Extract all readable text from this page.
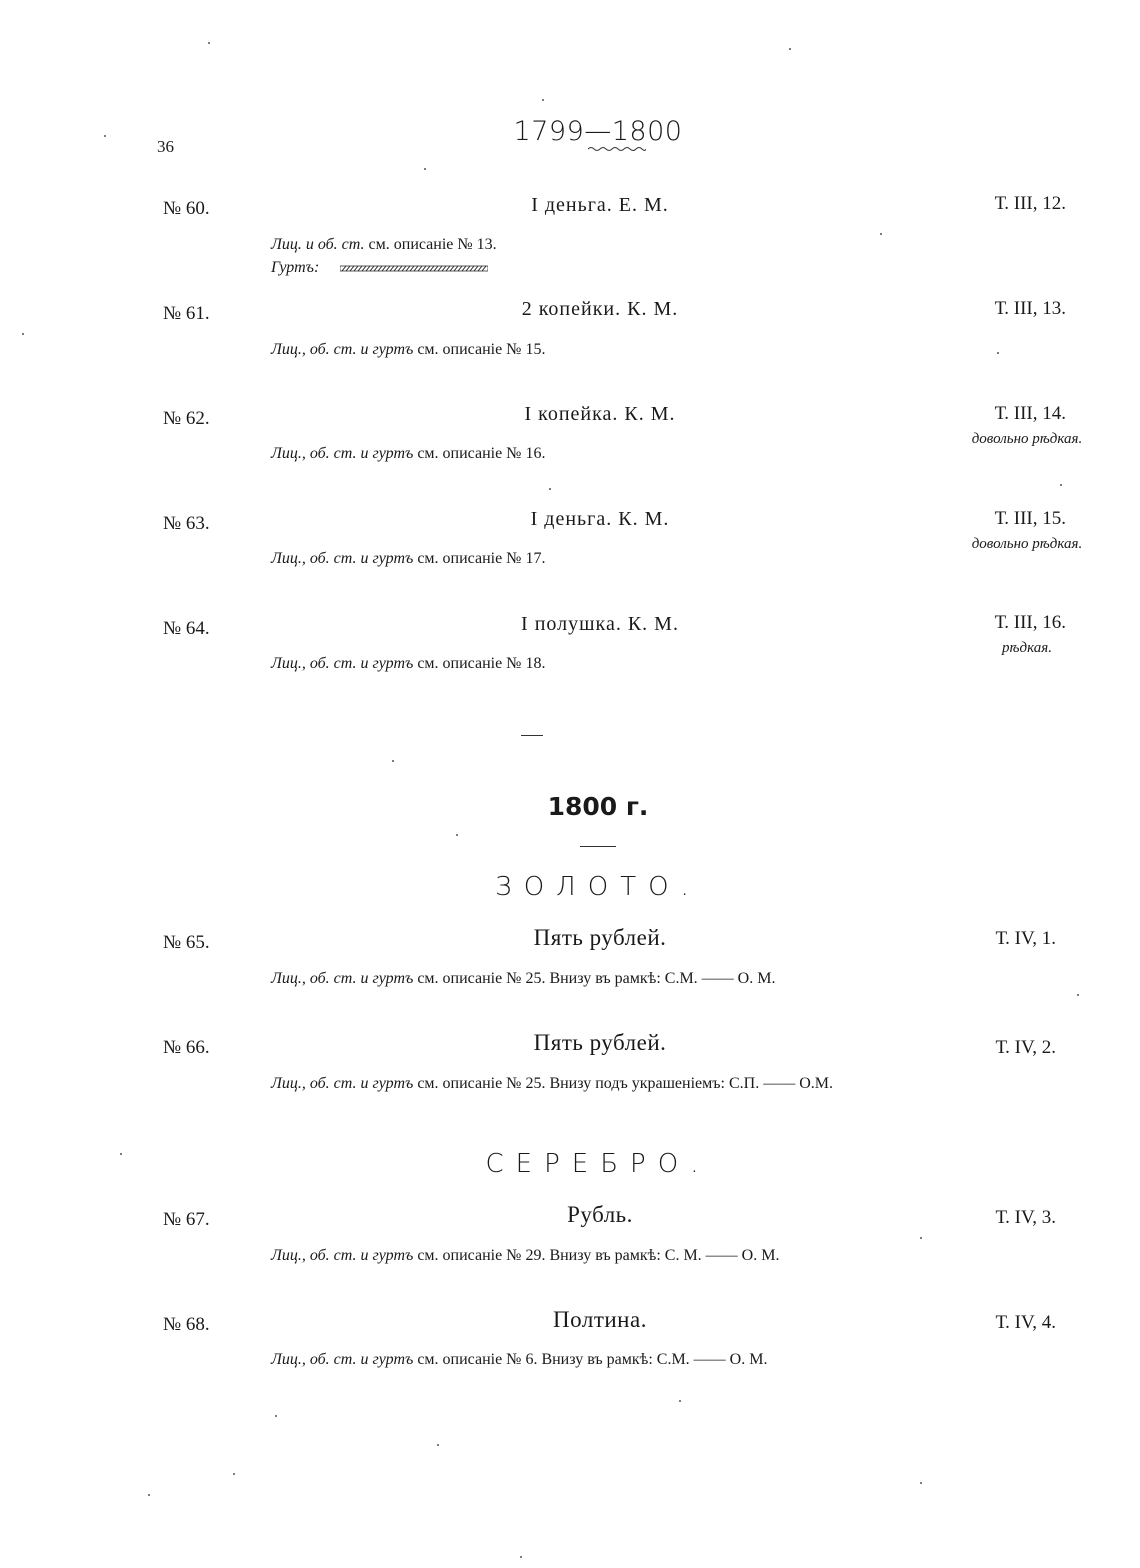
36	1799—1800
№ 60.	I деньга. Е. М.	Т. III, 12.
Лиц. и об. ст. см. описаніе № 13.
Гуртъ:
№ 61.	2 копейки. К. М.	Т. III, 13.
Лиц., об. ст. и гуртъ см. описаніе № 15.
№ 62.	I копейка. К. М.	Т. III, 14.
довольно рѣдкая.
Лиц., об. ст. и гуртъ см. описаніе № 16.
№ 63.	I деньга. К. М.	Т. III, 15.
довольно рѣдкая.
Лиц., об. ст. и гуртъ см. описаніе № 17.
№ 64.	I полушка. К. М.	Т. III, 16.
рѣдкая.
Лиц., об. ст. и гуртъ см. описаніе № 18.
1800 г.
ЗОЛОТО.
№ 65.	Пять рублей.	Т. IV, 1.
Лиц., об. ст. и гуртъ см. описаніе № 25. Внизу въ рамкѣ: С.М. —— О. М.
№ 66.	Пять рублей.	Т. IV, 2.
Лиц., об. ст. и гуртъ см. описаніе № 25. Внизу подъ украшеніемъ: С.П. —— О.М.
СЕРЕБРО.
№ 67.	Рубль.	Т. IV, 3.
Лиц., об. ст. и гуртъ см. описаніе № 29. Внизу въ рамкѣ: С. М. —— О. М.
№ 68.	Полтина.	Т. IV, 4.
Лиц., об. ст. и гуртъ см. описаніе № 6. Внизу въ рамкѣ: С.М. —— О. М.
